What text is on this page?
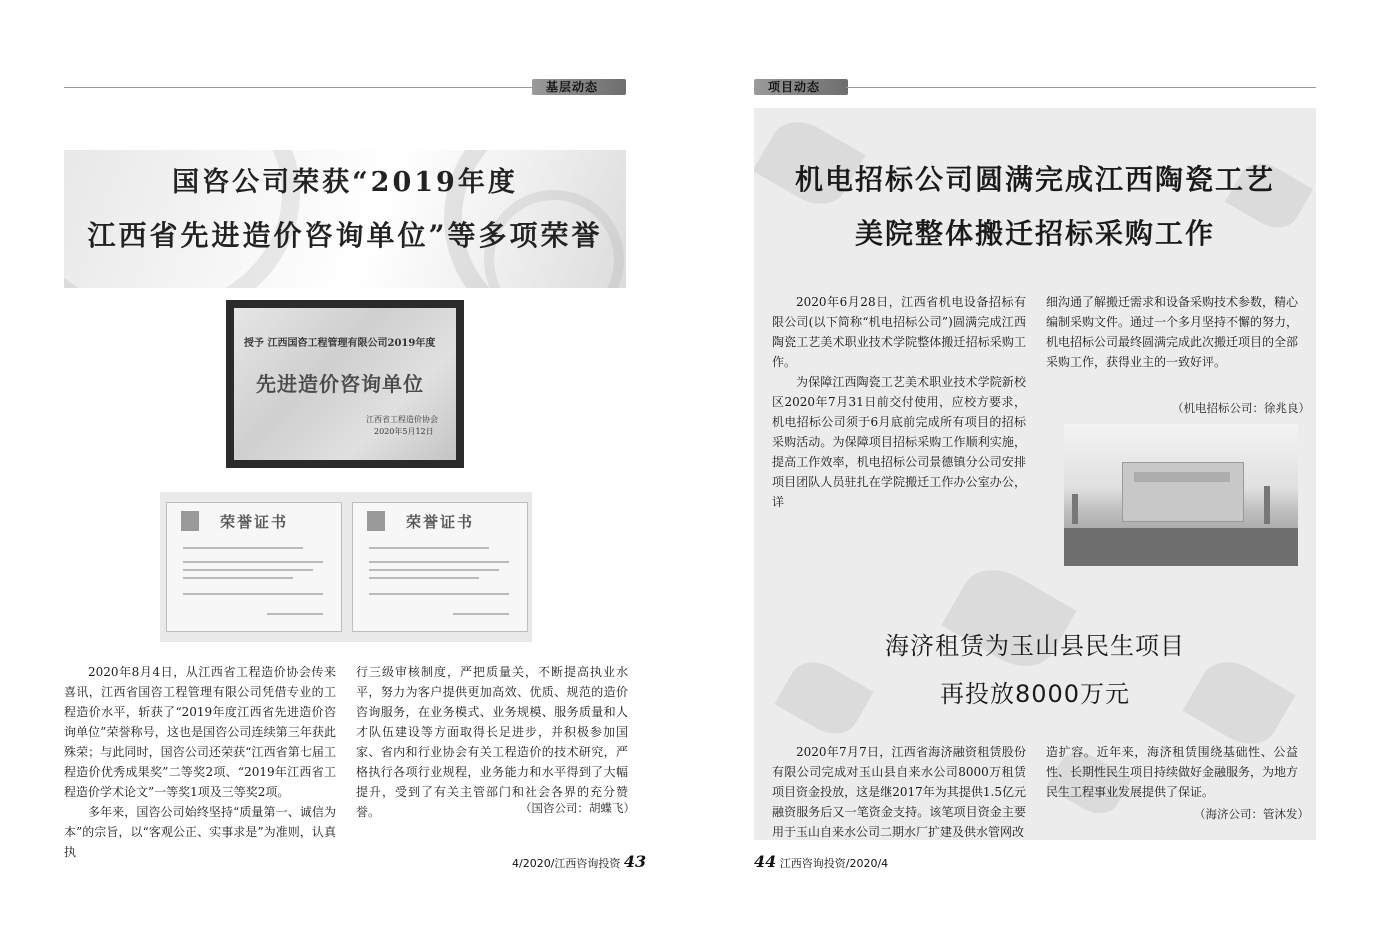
基层动态
国咨公司荣获“2019年度
江西省先进造价咨询单位”等多项荣誉
授予 江西国咨工程管理有限公司2019年度
先进造价咨询单位
江西省工程造价协会
2020年5月12日
荣誉证书	荣誉证书

2020年8月4日，从江西省工程造价协会传来喜讯，江西省国咨工程管理有限公司凭借专业的工程造价水平，斩获了“2019年度江西省先进造价咨询单位”荣誉称号，这也是国咨公司连续第三年获此殊荣；与此同时，国咨公司还荣获“江西省第七届工程造价优秀成果奖”二等奖2项、“2019年江西省工程造价学术论文”一等奖1项及三等奖2项。

多年来，国咨公司始终坚持“质量第一、诚信为本”的宗旨，以“客观公正、实事求是”为准则，认真执

行三级审核制度，严把质量关，不断提高执业水平，努力为客户提供更加高效、优质、规范的造价咨询服务，在业务模式、业务规模、服务质量和人才队伍建设等方面取得长足进步，并积极参加国家、省内和行业协会有关工程造价的技术研究，严格执行各项行业规程，业务能力和水平得到了大幅提升，受到了有关主管部门和社会各界的充分赞誉。	（国咨公司：胡蝶飞）
4/2020/江西咨询投资 43
项目动态
机电招标公司圆满完成江西陶瓷工艺
美院整体搬迁招标采购工作

2020年6月28日，江西省机电设备招标有限公司(以下简称“机电招标公司”)圆满完成江西陶瓷工艺美术职业技术学院整体搬迁招标采购工作。

为保障江西陶瓷工艺美术职业技术学院新校区2020年7月31日前交付使用，应校方要求，机电招标公司须于6月底前完成所有项目的招标采购活动。为保障项目招标采购工作顺利实施，提高工作效率，机电招标公司景德镇分公司安排项目团队人员驻扎在学院搬迁工作办公室办公，详

细沟通了解搬迁需求和设备采购技术参数，精心编制采购文件。通过一个多月坚持不懈的努力，机电招标公司最终圆满完成此次搬迁项目的全部采购工作，获得业主的一致好评。

（机电招标公司：徐兆良）
海济租赁为玉山县民生项目
再投放8000万元

2020年7月7日，江西省海济融资租赁股份有限公司完成对玉山县自来水公司8000万租赁项目资金投放，这是继2017年为其提供1.5亿元融资服务后又一笔资金支持。该笔项目资金主要用于玉山自来水公司二期水厂扩建及供水管网改

造扩容。近年来，海济租赁围绕基础性、公益性、长期性民生项目持续做好金融服务，为地方民生工程事业发展提供了保证。

（海济公司：管沐发）
44 江西咨询投资/2020/4
